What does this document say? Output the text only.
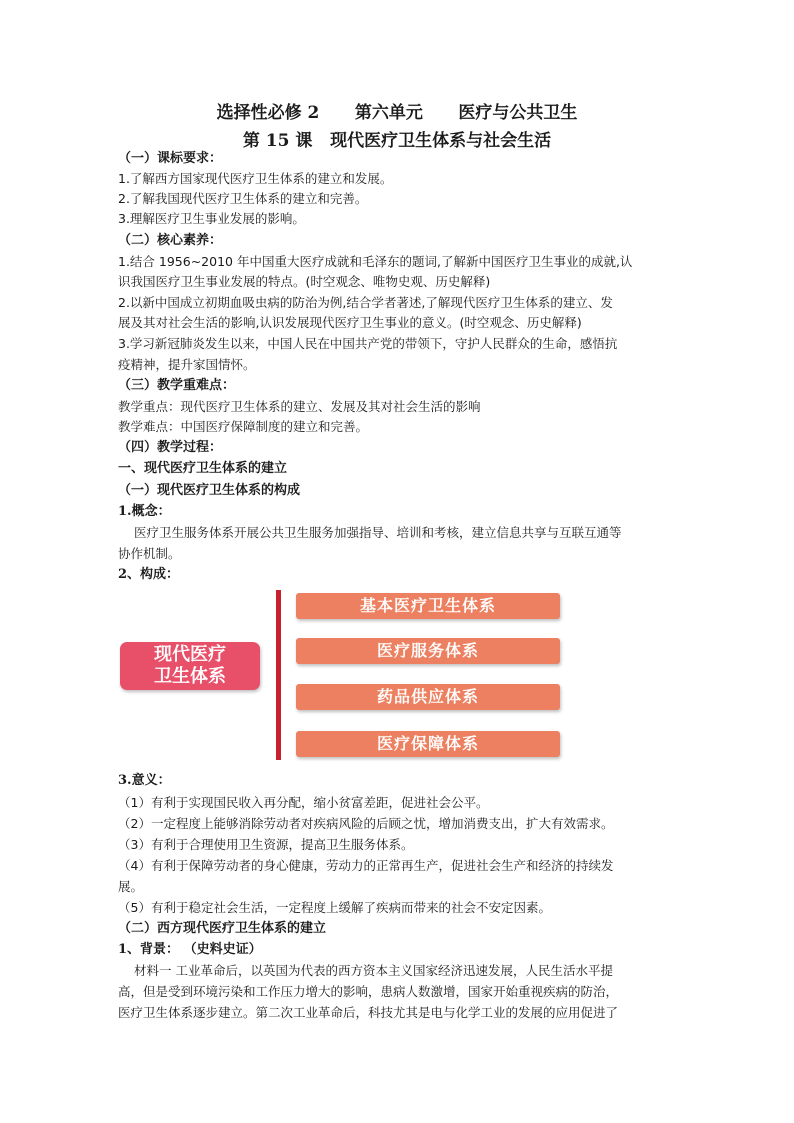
选择性必修 2      第六单元      医疗与公共卫生
第 15 课   现代医疗卫生体系与社会生活
（一）课标要求：
1.了解西方国家现代医疗卫生体系的建立和发展。
2.了解我国现代医疗卫生体系的建立和完善。
3.理解医疗卫生事业发展的影响。
（二）核心素养：
1.结合 1956~2010 年中国重大医疗成就和毛泽东的题词,了解新中国医疗卫生事业的成就,认
识我国医疗卫生事业发展的特点。(时空观念、唯物史观、历史解释)
2.以新中国成立初期血吸虫病的防治为例,结合学者著述,了解现代医疗卫生体系的建立、发
展及其对社会生活的影响,认识发展现代医疗卫生事业的意义。(时空观念、历史解释)
3.学习新冠肺炎发生以来，中国人民在中国共产党的带领下，守护人民群众的生命，感悟抗
疫精神，提升家国情怀。
（三）教学重难点：
教学重点：现代医疗卫生体系的建立、发展及其对社会生活的影响
教学难点：中国医疗保障制度的建立和完善。
（四）教学过程：
一、现代医疗卫生体系的建立
（一）现代医疗卫生体系的构成
1.概念：
医疗卫生服务体系开展公共卫生服务加强指导、培训和考核，建立信息共享与互联互通等
协作机制。
2、构成：
现代医疗
卫生体系
基本医疗卫生体系
医疗服务体系
药品供应体系
医疗保障体系
3.意义：
（1）有利于实现国民收入再分配，缩小贫富差距，促进社会公平。
（2）一定程度上能够消除劳动者对疾病风险的后顾之忧，增加消费支出，扩大有效需求。
（3）有利于合理使用卫生资源，提高卫生服务体系。
（4）有利于保障劳动者的身心健康，劳动力的正常再生产，促进社会生产和经济的持续发
展。
（5）有利于稳定社会生活，一定程度上缓解了疾病而带来的社会不安定因素。
（二）西方现代医疗卫生体系的建立
1、背景： （史料史证）
材料一 工业革命后，以英国为代表的西方资本主义国家经济迅速发展，人民生活水平提
高，但是受到环境污染和工作压力增大的影响，患病人数激增，国家开始重视疾病的防治，
医疗卫生体系逐步建立。第二次工业革命后，科技尤其是电与化学工业的发展的应用促进了
